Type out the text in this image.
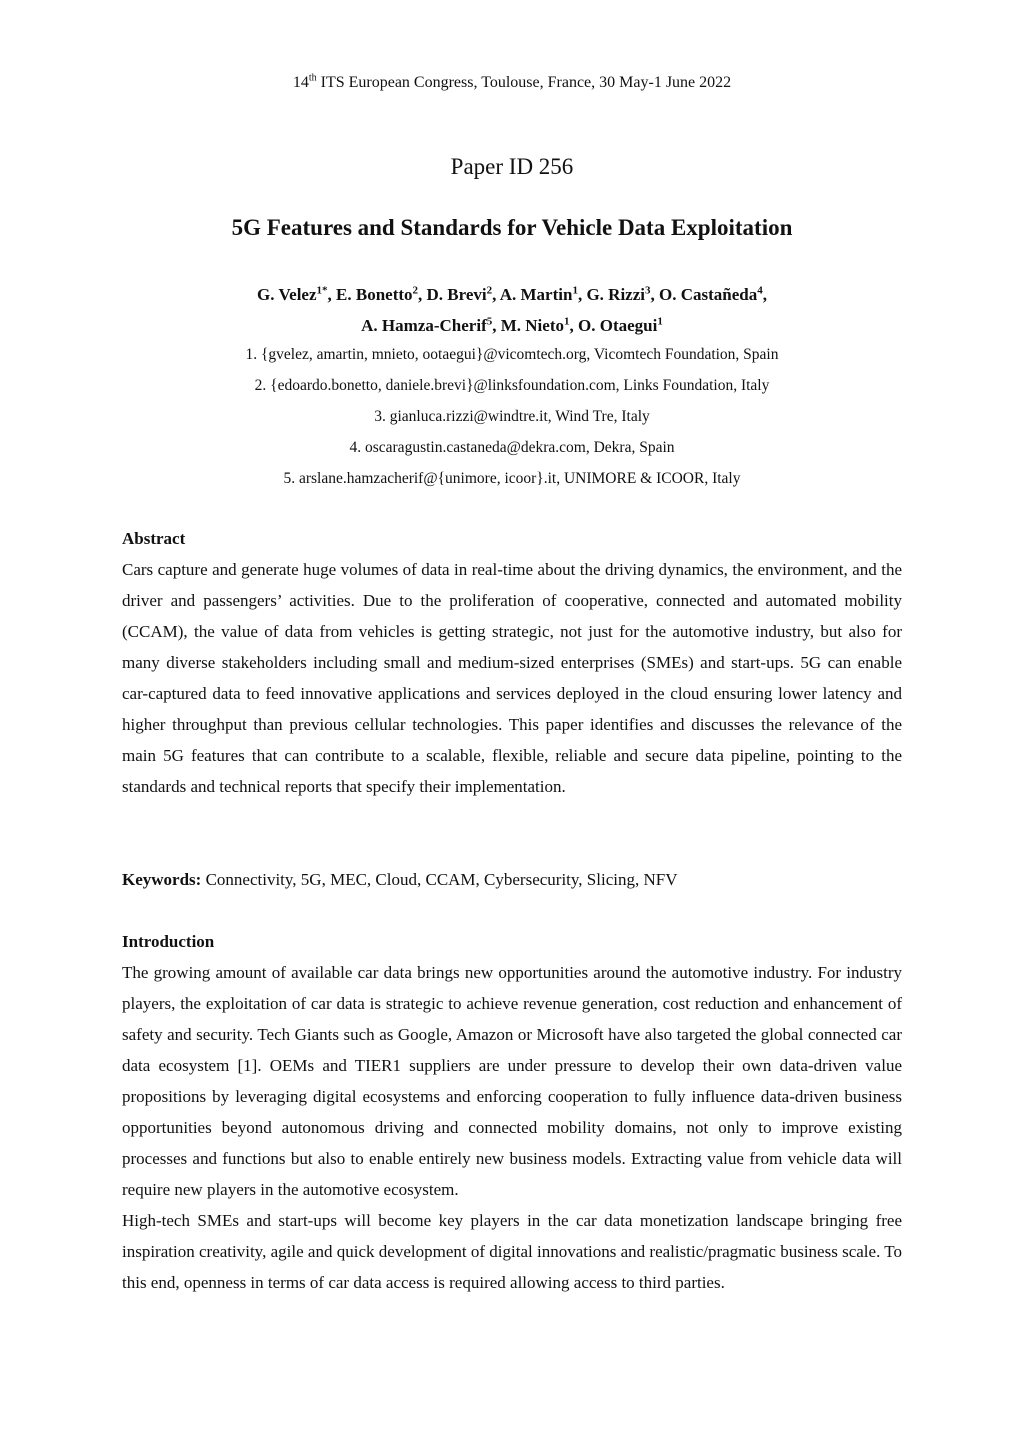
14th ITS European Congress, Toulouse, France, 30 May-1 June 2022
Paper ID 256
5G Features and Standards for Vehicle Data Exploitation
G. Velez$^{1*}$, E. Bonetto$^2$, D. Brevi$^2$, A. Martin$^1$, G. Rizzi$^3$, O. Castañeda$^4$,
A. Hamza-Cherif$^5$, M. Nieto$^1$, O. Otaegui$^1$
1. {gvelez, amartin, mnieto, ootaegui}@vicomtech.org, Vicomtech Foundation, Spain
2. {edoardo.bonetto, daniele.brevi}@linksfoundation.com, Links Foundation, Italy
3. gianluca.rizzi@windtre.it, Wind Tre, Italy
4. oscaragustin.castaneda@dekra.com, Dekra, Spain
5. arslane.hamzacherif@{unimore, icoor}.it, UNIMORE & ICOOR, Italy
Abstract

Cars capture and generate huge volumes of data in real-time about the driving dynamics, the environment, and the driver and passengers’ activities. Due to the proliferation of cooperative, connected and automated mobility (CCAM), the value of data from vehicles is getting strategic, not just for the automotive industry, but also for many diverse stakeholders including small and medium-sized enterprises (SMEs) and start-ups. 5G can enable car-captured data to feed innovative applications and services deployed in the cloud ensuring lower latency and higher throughput than previous cellular technologies. This paper identifies and discusses the relevance of the main 5G features that can contribute to a scalable, flexible, reliable and secure data pipeline, pointing to the standards and technical reports that specify their implementation.

Keywords: Connectivity, 5G, MEC, Cloud, CCAM, Cybersecurity, Slicing, NFV
Introduction

The growing amount of available car data brings new opportunities around the automotive industry. For industry players, the exploitation of car data is strategic to achieve revenue generation, cost reduction and enhancement of safety and security. Tech Giants such as Google, Amazon or Microsoft have also targeted the global connected car data ecosystem [1]. OEMs and TIER1 suppliers are under pressure to develop their own data-driven value propositions by leveraging digital ecosystems and enforcing cooperation to fully influence data-driven business opportunities beyond autonomous driving and connected mobility domains, not only to improve existing processes and functions but also to enable entirely new business models. Extracting value from vehicle data will require new players in the automotive ecosystem.

High-tech SMEs and start-ups will become key players in the car data monetization landscape bringing free inspiration creativity, agile and quick development of digital innovations and realistic/pragmatic business scale. To this end, openness in terms of car data access is required allowing access to third parties.
